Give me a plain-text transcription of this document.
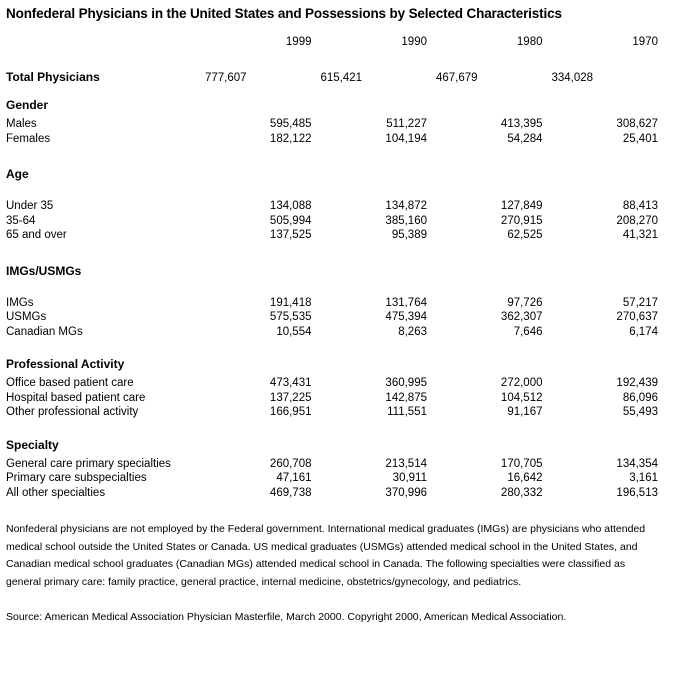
Nonfederal Physicians in the United States and Possessions by Selected Characteristics
	1999	1990	1980	1970
Total Physicians	777,607	615,421	467,679	334,028
Gender				
Males	595,485	511,227	413,395	308,627
Females	182,122	104,194	54,284	25,401

Age				

Under 35	134,088	134,872	127,849	88,413
35-64	505,994	385,160	270,915	208,270
65 and over	137,525	95,389	62,525	41,321

IMGs/USMGs				

IMGs	191,418	131,764	97,726	57,217
USMGs	575,535	475,394	362,307	270,637
Canadian MGs	10,554	8,263	7,646	6,174

Professional Activity				
Office based patient care	473,431	360,995	272,000	192,439
Hospital based patient care	137,225	142,875	104,512	86,096
Other professional activity	166,951	111,551	91,167	55,493

Specialty				
General care primary specialties	260,708	213,514	170,705	134,354
Primary care subspecialties	47,161	30,911	16,642	3,161
All other specialties	469,738	370,996	280,332	196,513

Nonfederal physicians are not employed by the Federal government. International medical graduates (IMGs) are physicians who attended medical school outside the United States or Canada. US medical graduates (USMGs) attended medical school in the United States, and Canadian medical school graduates (Canadian MGs) attended medical school in Canada. The following specialties were classified as general primary care: family practice, general practice, internal medicine, obstetrics/gynecology, and pediatrics.

Source: American Medical Association Physician Masterfile, March 2000. Copyright 2000, American Medical Association.
